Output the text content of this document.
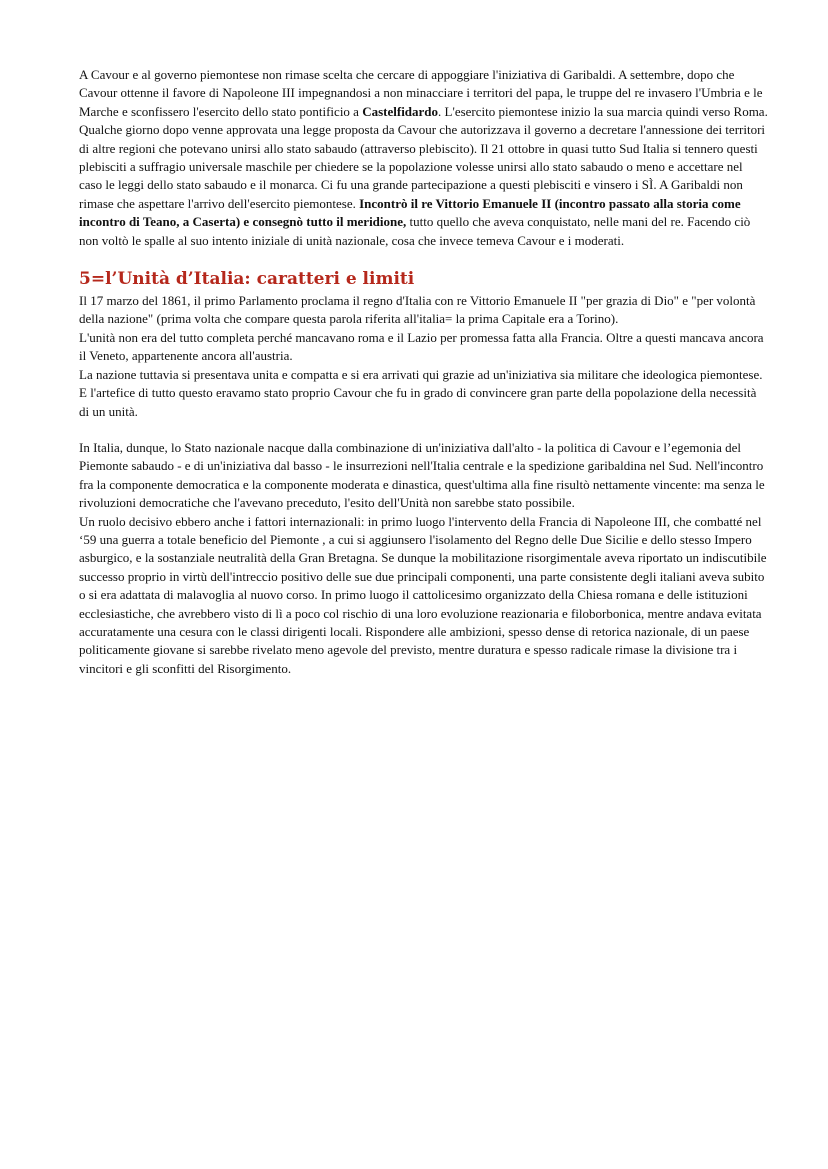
A Cavour e al governo piemontese non rimase scelta che cercare di appoggiare l'iniziativa di Garibaldi. A settembre, dopo che Cavour ottenne il favore di Napoleone III impegnandosi a non minacciare i territori del papa, le truppe del re invasero l'Umbria e le Marche e sconfissero l'esercito dello stato pontificio a Castelfidardo. L'esercito piemontese inizio la sua marcia quindi verso Roma. Qualche giorno dopo venne approvata una legge proposta da Cavour che autorizzava il governo a decretare l'annessione dei territori di altre regioni che potevano unirsi allo stato sabaudo (attraverso plebiscito). Il 21 ottobre in quasi tutto Sud Italia si tennero questi plebisciti a suffragio universale maschile per chiedere se la popolazione volesse unirsi allo stato sabaudo o meno e accettare nel caso le leggi dello stato sabaudo e il monarca. Ci fu una grande partecipazione a questi plebisciti e vinsero i SÌ. A Garibaldi non rimase che aspettare l'arrivo dell'esercito piemontese. Incontrò il re Vittorio Emanuele II (incontro passato alla storia come incontro di Teano, a Caserta) e consegnò tutto il meridione, tutto quello che aveva conquistato, nelle mani del re. Facendo ciò non voltò le spalle al suo intento iniziale di unità nazionale, cosa che invece temeva Cavour e i moderati.

5=l’Unità d’Italia: caratteri e limiti

Il 17 marzo del 1861, il primo Parlamento proclama il regno d'Italia con re Vittorio Emanuele II "per grazia di Dio" e "per volontà della nazione" (prima volta che compare questa parola riferita all'italia= la prima Capitale era a Torino).

L'unità non era del tutto completa perché mancavano roma e il Lazio per promessa fatta alla Francia. Oltre a questi mancava ancora il Veneto, appartenente ancora all'austria.

La nazione tuttavia si presentava unita e compatta e si era arrivati qui grazie ad un'iniziativa sia militare che ideologica piemontese. E l'artefice di tutto questo eravamo stato proprio Cavour che fu in grado di convincere gran parte della popolazione della necessità di un unità.

In Italia, dunque, lo Stato nazionale nacque dalla combinazione di un'iniziativa dall'alto - la politica di Cavour e l’egemonia del Piemonte sabaudo - e di un'iniziativa dal basso - le insurrezioni nell'Italia centrale e la spedizione garibaldina nel Sud. Nell'incontro fra la componente democratica e la componente moderata e dinastica, quest'ultima alla fine risultò nettamente vincente: ma senza le rivoluzioni democratiche che l'avevano preceduto, l'esito dell'Unità non sarebbe stato possibile.

Un ruolo decisivo ebbero anche i fattori internazionali: in primo luogo l'intervento della Francia di Napoleone III, che combatté nel ‘59 una guerra a totale beneficio del Piemonte , a cui si aggiunsero l'isolamento del Regno delle Due Sicilie e dello stesso Impero asburgico, e la sostanziale neutralità della Gran Bretagna. Se dunque la mobilitazione risorgimentale aveva riportato un indiscutibile successo proprio in virtù dell'intreccio positivo delle sue due principali componenti, una parte consistente degli italiani aveva subito o si era adattata di malavoglia al nuovo corso. In primo luogo il cattolicesimo organizzato della Chiesa romana e delle istituzioni ecclesiastiche, che avrebbero visto di lì a poco col rischio di una loro evoluzione reazionaria e filoborbonica, mentre andava evitata accuratamente una cesura con le classi dirigenti locali. Rispondere alle ambizioni, spesso dense di retorica nazionale, di un paese politicamente giovane si sarebbe rivelato meno agevole del previsto, mentre duratura e spesso radicale rimase la divisione tra i vincitori e gli sconfitti del Risorgimento.
